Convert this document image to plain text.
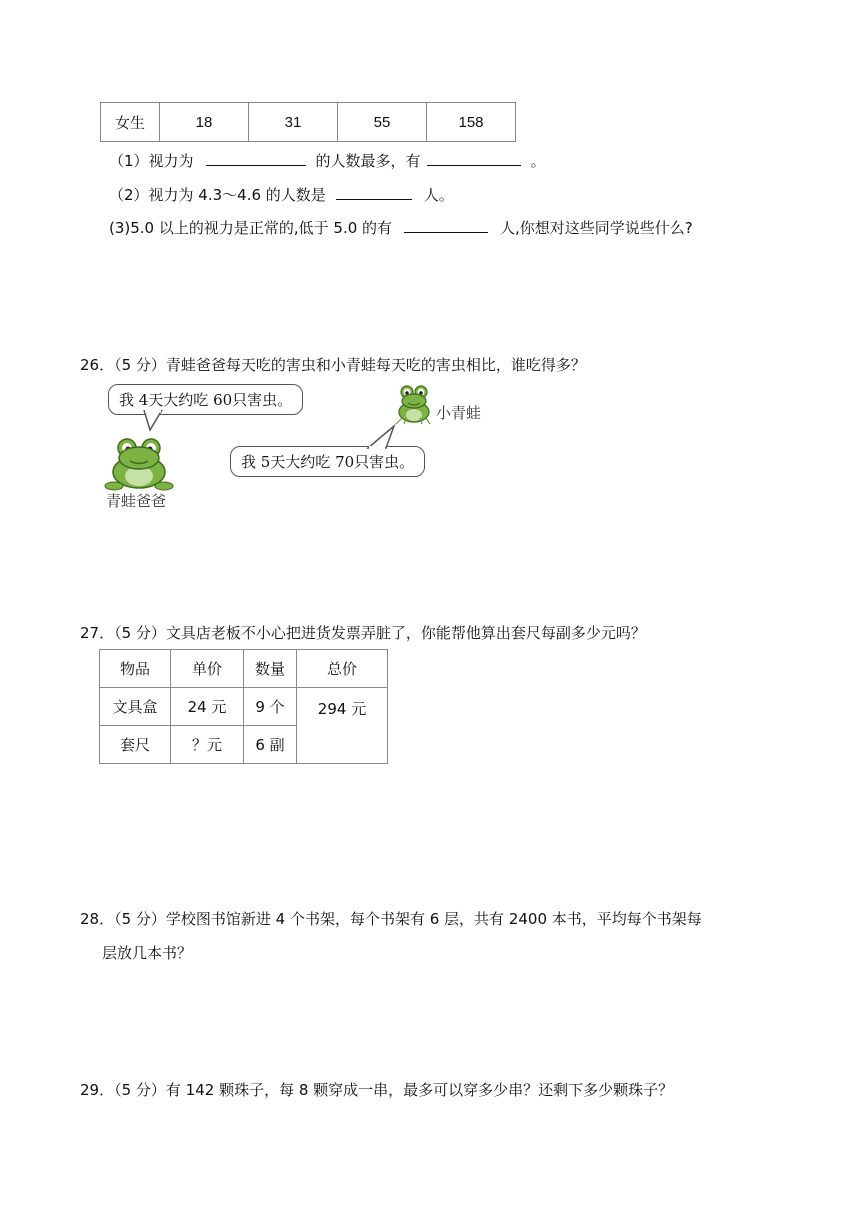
女生	18	31	55	158
（1）视力为	的人数最多，有	。
（2）视力为 4.3～4.6 的人数是	人。
(3)5.0 以上的视力是正常的,低于 5.0 的有	人,你想对这些同学说些什么?
26．（5 分）青蛙爸爸每天吃的害虫和小青蛙每天吃的害虫相比，谁吃得多？
我 4天大约吃 60只害虫。
我 5天大约吃 70只害虫。
青蛙爸爸
小青蛙
27．（5 分）文具店老板不小心把进货发票弄脏了，你能帮他算出套尺每副多少元吗？
物品	单价	数量	总价
文具盒	24 元	9 个	294 元
套尺	？元	6 副	
28．（5 分）学校图书馆新进 4 个书架，每个书架有 6 层，共有 2400 本书，平均每个书架每
层放几本书？
29．（5 分）有 142 颗珠子，每 8 颗穿成一串，最多可以穿多少串？还剩下多少颗珠子？
